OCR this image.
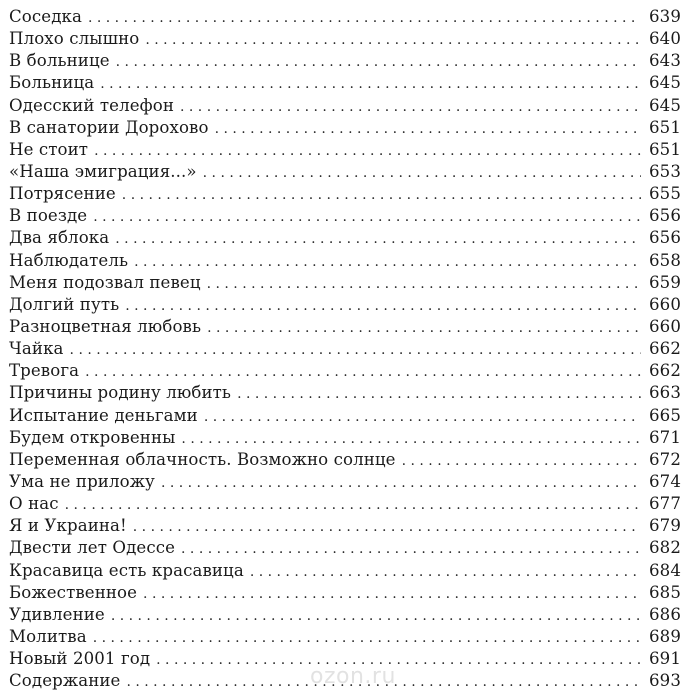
Соседка . . .	639
Плохо слышно . . .	640
В больнице . . .	643
Больница . . .	645
Одесский телефон . . .	645
В санатории Дорохово . . .	651
Не стоит . . .	651
«Наша эмиграция...» . . .	653
Потрясение . . .	655
В поезде . . .	656
Два яблока . . .	656
Наблюдатель . . .	658
Меня подозвал певец . . .	659
Долгий путь . . .	660
Разноцветная любовь . . .	660
Чайка . . .	662
Тревога . . .	662
Причины родину любить . . .	663
Испытание деньгами . . .	665
Будем откровенны . . .	671
Переменная облачность. Возможно солнце . . .	672
Ума не приложу . . .	674
О нас . . .	677
Я и Украина! . . .	679
Двести лет Одессе . . .	682
Красавица есть красавица . . .	684
Божественное . . .	685
Удивление . . .	686
Молитва . . .	689
Новый 2001 год . . .	691
Содержание . . .	693
ozon.ru
